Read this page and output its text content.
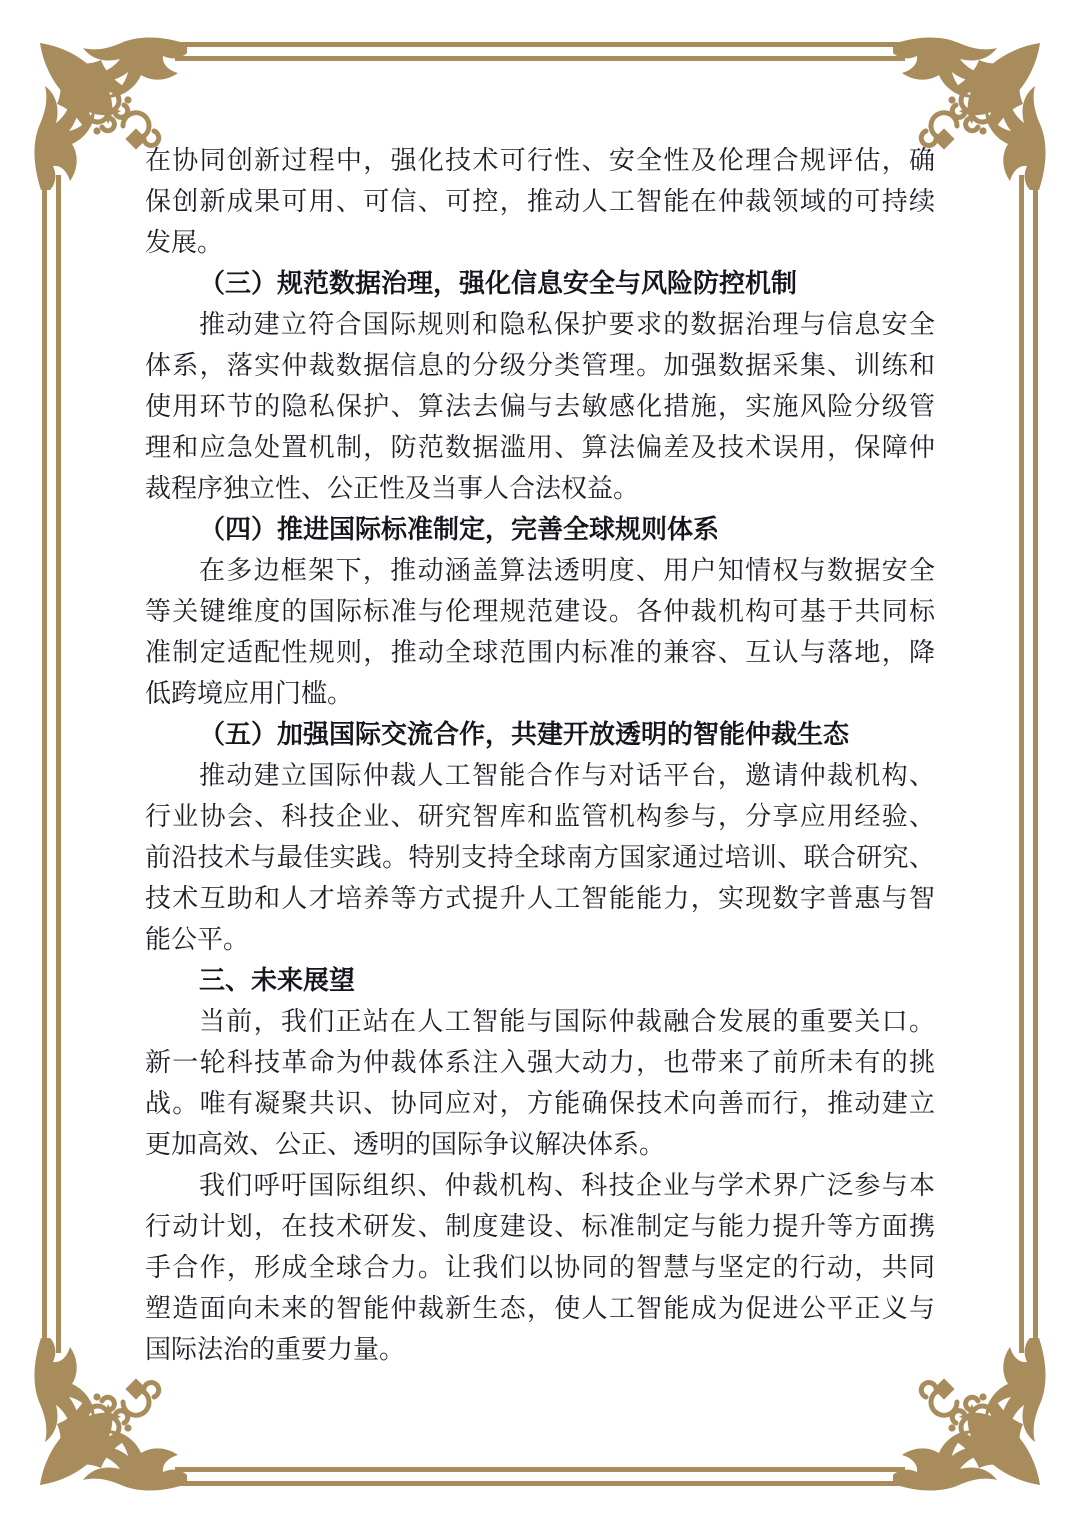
在协同创新过程中，强化技术可行性、安全性及伦理合规评估，确
保创新成果可用、可信、可控，推动人工智能在仲裁领域的可持续
发展。
（三）规范数据治理，强化信息安全与风险防控机制
推动建立符合国际规则和隐私保护要求的数据治理与信息安全
体系，落实仲裁数据信息的分级分类管理。加强数据采集、训练和
使用环节的隐私保护、算法去偏与去敏感化措施，实施风险分级管
理和应急处置机制，防范数据滥用、算法偏差及技术误用，保障仲
裁程序独立性、公正性及当事人合法权益。
（四）推进国际标准制定，完善全球规则体系
在多边框架下，推动涵盖算法透明度、用户知情权与数据安全
等关键维度的国际标准与伦理规范建设。各仲裁机构可基于共同标
准制定适配性规则，推动全球范围内标准的兼容、互认与落地，降
低跨境应用门槛。
（五）加强国际交流合作，共建开放透明的智能仲裁生态
推动建立国际仲裁人工智能合作与对话平台，邀请仲裁机构、
行业协会、科技企业、研究智库和监管机构参与，分享应用经验、
前沿技术与最佳实践。特别支持全球南方国家通过培训、联合研究、
技术互助和人才培养等方式提升人工智能能力，实现数字普惠与智
能公平。
三、未来展望
当前，我们正站在人工智能与国际仲裁融合发展的重要关口。
新一轮科技革命为仲裁体系注入强大动力，也带来了前所未有的挑
战。唯有凝聚共识、协同应对，方能确保技术向善而行，推动建立
更加高效、公正、透明的国际争议解决体系。
我们呼吁国际组织、仲裁机构、科技企业与学术界广泛参与本
行动计划，在技术研发、制度建设、标准制定与能力提升等方面携
手合作，形成全球合力。让我们以协同的智慧与坚定的行动，共同
塑造面向未来的智能仲裁新生态，使人工智能成为促进公平正义与
国际法治的重要力量。
